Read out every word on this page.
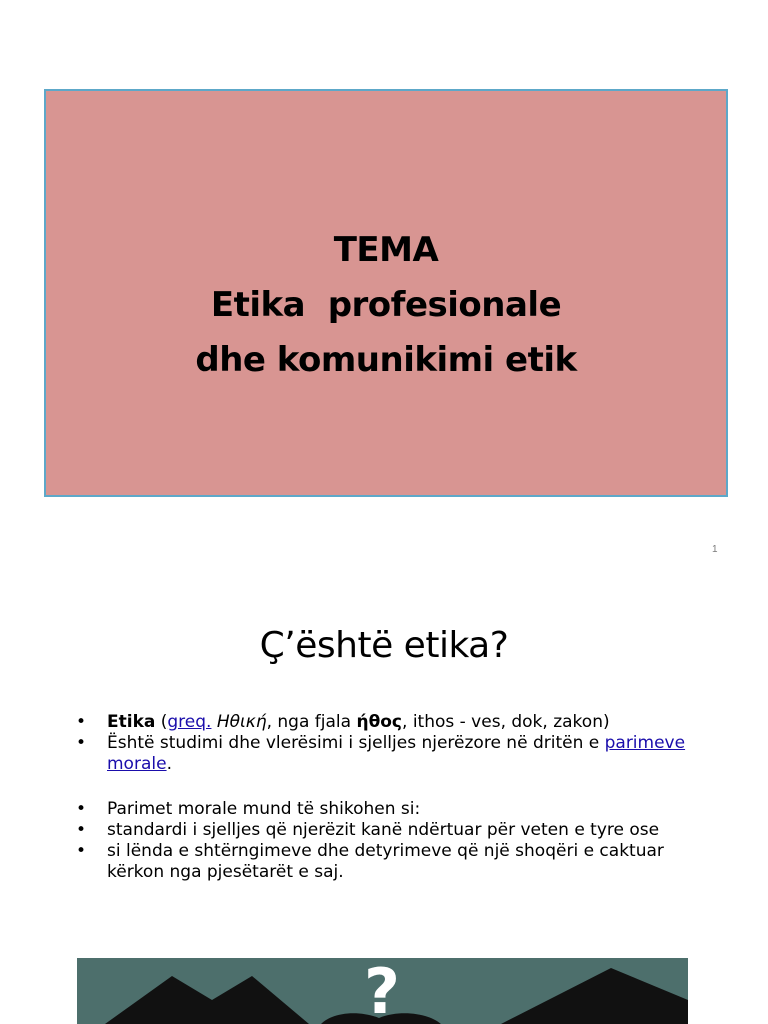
TEMA
Etika  profesionale
dhe komunikimi etik
1
Ç’është etika?
• Etika (greq. Ηθική, nga fjala ήθος, ithos - ves, dok, zakon)
• Është studimi dhe vlerësimi i sjelljes njerëzore në dritën e parimeve morale.
• Parimet morale mund të shikohen si:
• standardi i sjelljes që njerëzit kanë ndërtuar për veten e tyre ose
• si lënda e shtërngimeve dhe detyrimeve që një shoqëri e caktuar kërkon nga pjesëtarët e saj.
?
